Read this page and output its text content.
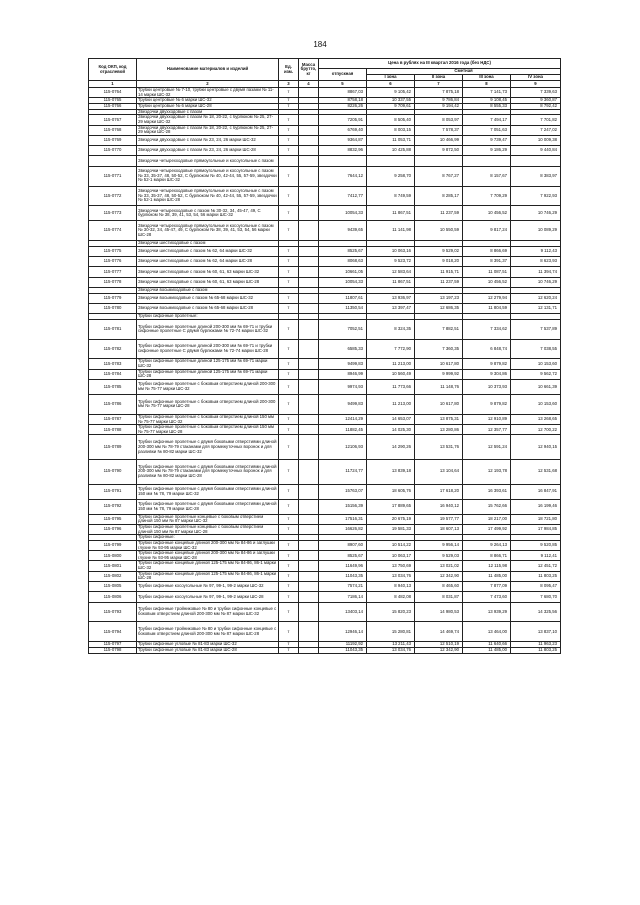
184
Код ОКП, код отраслевой	Наименование материалов и изделий	Ед. изм.	Масса брутто, кг	Цена в рублях на III квартал 2016 года (без НДС)				
				отпускная	Сметная			
					I зона	II зона	III зона	IV зона
1	2	3	4	5	6	7	8	9
115-0764	Трубки центровые № 7-10, трубки центровые с двумя пазами № 11-14 марки ШС-32	т		8867,03	9 105,42	7 875,18	7 141,73	7 339,63
115-0765	Трубки центровые № 6 марки ШС-32	т		8758,18	10 337,55	9 786,84	9 108,45	9 360,87
115-0766	Трубки центровые № 6 марки ШС-28	т		8226,26	9 709,61	9 194,42	8 555,33	8 792,42
	Звездочки двухходовые с пазом							
115-0767	Звездочки двухходовые с пазом № 18, 20-22, с бурлюком № 25, 27-29 марки ШС-32	т		7205,91	8 505,40	8 053,97	7 494,17	7 701,82
115-0768	Звездочки двухходовые с пазом № 18, 20-22, с бурлюком № 25, 27-29 марки ШС-28	т		6769,40	8 003,15	7 578,37	7 051,63	7 247,02
115-0769	Звездочки двухходовые с пазом № 23, 24, 26 марки ШС-32	т		9364,87	11 053,71	10 466,99	9 739,47	10 009,38
115-0770	Звездочки двухходовые с пазом № 23, 24, 26 марки ШС-28	т		8832,96	10 425,88	9 872,50	9 186,29	9 440,84
	Звездочки четырехходовые прямоугольные и косоугольные с пазом							
115-0771	Звездочки четырехходовые прямоугольные и косоугольные с пазом № 33, 35-37, 48, 50-52, С бурлюком № 40, 42-44, 55, 57-59, звездочки № 52-1 марки ШС-32	т		7644,12	9 258,70	8 767,27	8 157,67	8 383,97
115-0772	Звездочки четырехходовые прямоугольные и косоугольные с пазом № 33, 35-37, 48, 50-52, С бурлюком № 40, 42-44, 55, 57-59, звездочки № 52-1 марки ШС-28	т		7412,77	8 749,59	8 285,17	7 709,29	7 922,93
115-0773	Звездочки четырехходовые с пазом № 30-32, 34, 45-47, 49, С бурлюком № 38, 39, 41, 53, 54, 56 марки ШС-32	т		10054,33	11 867,51	11 237,59	10 456,52	10 746,29
115-0774	Звездочки четырехходовые прямоугольные и косоугольные с пазом № 30-32, 34, 45-47, 49, С бурлюком № 38, 39, 41, 53, 54, 56 марки ШС-28	т		9439,65	11 141,98	10 550,59	9 817,24	10 089,29
	Звездочки шестиходовые с пазом							
115-0775	Звездочки шестиходовые с пазом № 62, 64 марки ШС-32	т		8525,67	10 063,16	9 529,02	8 866,69	9 112,43
115-0776	Звездочки шестиходовые с пазом № 62, 64 марки ШС-28	т		8068,63	9 523,72	9 018,20	8 391,37	8 623,93
115-0777	Звездочки шестиходовые с пазом № 60, 61, 63 марки ШС-32	т		10661,05	12 583,64	11 915,71	11 087,51	11 394,74
115-0778	Звездочки шестиходовые с пазом № 60, 61, 63 марки ШС-28	т		10054,33	11 867,51	11 237,59	10 456,52	10 746,29
	Звездочки восьмиходовые с пазом							
115-0779	Звездочки восьмиходовые с пазом № 65-68 марки ШС-32	т		11807,61	13 936,97	13 197,23	12 279,94	12 620,24
115-0780	Звездочки восьмиходовые с пазом № 65-68 марки ШС-28	т		11350,54	13 397,47	12 686,35	11 804,59	12 131,71
	Трубки сифонные пролетные:							
115-0781	Трубки сифонные пролетные длиной 200-300 мм № 69-71 и трубки сифонные пролетные С двумя бурлюками № 72-74 марки ШС-32	т		7052,51	8 324,35	7 882,51	7 334,62	7 537,89
115-0782	Трубки сифонные пролетные длиной 200-300 мм № 69-71 и трубки сифонные пролетные С двумя бурлюками № 72-74 марки ШС-28	т		6585,33	7 772,90	7 360,35	6 848,74	7 038,55
115-0783	Трубки сифонные пролетные длиной 125-175 мм № 69-71 марки ШС-32	т		9499,83	11 213,00	10 617,80	9 879,82	10 153,60
115-0784	Трубки сифонные пролетные длиной 125-175 мм № 69-71 марки ШС-28	т		8946,99	10 560,49	9 999,92	9 304,86	9 562,72
115-0785	Трубки сифонные пролетные с боковым отверстием длиной 200-300 мм № 75-77 марки ШС-32	т		9974,93	11 773,66	11 148,76	10 373,93	10 661,39
115-0786	Трубки сифонные пролетные с боковым отверстием длиной 200-300 мм № 75-77 марки ШС-28	т		9499,83	11 213,00	10 617,80	9 879,82	10 153,60
115-0787	Трубки сифонные пролетные с боковым отверстием длиной 150 мм № 75-77 марки ШС-32	т		12414,29	14 653,07	13 875,31	12 910,89	13 268,65
115-0788	Трубки сифонные пролетные с боковым отверстием длиной 150 мм № 75-77 марки ШС-28	т		11882,45	14 025,30	13 280,86	12 357,77	12 700,22
115-0789	Трубки сифонные пролетные с двумя боковыми отверстиями длиной 200-300 мм № 78-79 стаканами для промежуточных воронок и для разливки № 80-82 марки ШС-32	т		12106,93	14 290,26	13 531,76	12 591,24	12 940,15
115-0790	Трубки сифонные пролетные с двумя боковыми отверстиями длиной 200-300 мм № 78-79 стаканами для промежуточных воронок и для разливки № 80-82 марки ШС-28	т		11724,77	13 839,18	13 104,64	12 193,78	12 531,68
115-0791	Трубки сифонные пролетные с двумя боковыми отверстиями длиной 150 мм № 78, 79 марки ШС-32	т		15763,07	18 605,76	17 618,20	16 393,61	16 847,91
115-0792	Трубки сифонные пролетные с двумя боковыми отверстиями длиной 150 мм № 78, 79 марки ШС-28	т		15156,39	17 889,65	16 940,12	15 762,66	16 199,46
115-0795	Трубки сифонные пролетные концевые с боковым отверстием длиной 150 мм № 87 марки ШС-32	т		17516,31	20 675,19	19 577,77	18 217,00	18 721,80
115-0796	Трубки сифонные пролетные концевые с боковым отверстием длиной 150 мм № 87 марки ШС-28	т		16626,82	19 581,33	18 607,13	17 499,92	17 984,85
	Трубки сифонные:							
115-0799	Трубки сифонные концевые длиной 200-300 мм № 84-86 и заглушки глухие № 93-95 марки ШС-32	т		8907,60	10 514,22	9 956,14	9 264,13	9 520,85
115-0800	Трубки сифонные концевые длиной 200-300 мм № 84-86 и заглушки глухие № 93-95 марки ШС-28	т		8525,67	10 063,17	9 529,03	8 866,71	9 112,41
115-0801	Трубки сифонные концевые длиной 125-175 мм № 84-86, 86-1 марки ШС-32	т		11649,96	13 750,69	13 021,02	12 115,98	12 451,72
115-0802	Трубки сифонные концевые длиной 125-175 мм № 84-86, 86-1 марки ШС-28	т		11043,35	13 034,76	12 342,90	11 485,00	11 803,25
115-0805	Трубки сифонные косоугольные № 97, 99-1, 99-2 марки ШС-32	т		7574,21	8 940,13	8 465,60	7 877,09	8 095,47
115-0806	Трубки сифонные косоугольные № 97, 99-1, 99-2 марки ШС-28	т		7186,14	8 482,08	8 031,87	7 473,60	7 680,70
115-0793	Трубки сифонные тройниковые № 80 и трубки сифонные концевые с боковым отверстием длиной 200-300 мм № 87 марки ШС-32	т		13403,14	15 820,23	14 980,53	13 939,29	14 325,56
115-0794	Трубки сифонные тройниковые № 80 и трубки сифонные концевые с боковым отверстием длиной 200-300 мм № 87 марки ШС-28	т		12946,14	15 280,81	14 469,74	13 464,00	13 837,10
115-0797	Трубки сифонные угловые № 81-83 марки ШС-32	т		11192,92	13 211,43	12 510,19	11 640,66	11 963,23
115-0798	Трубки сифонные угловые № 81-83 марки ШС-28	т		11043,35	13 034,76	12 342,90	11 485,00	11 803,25
